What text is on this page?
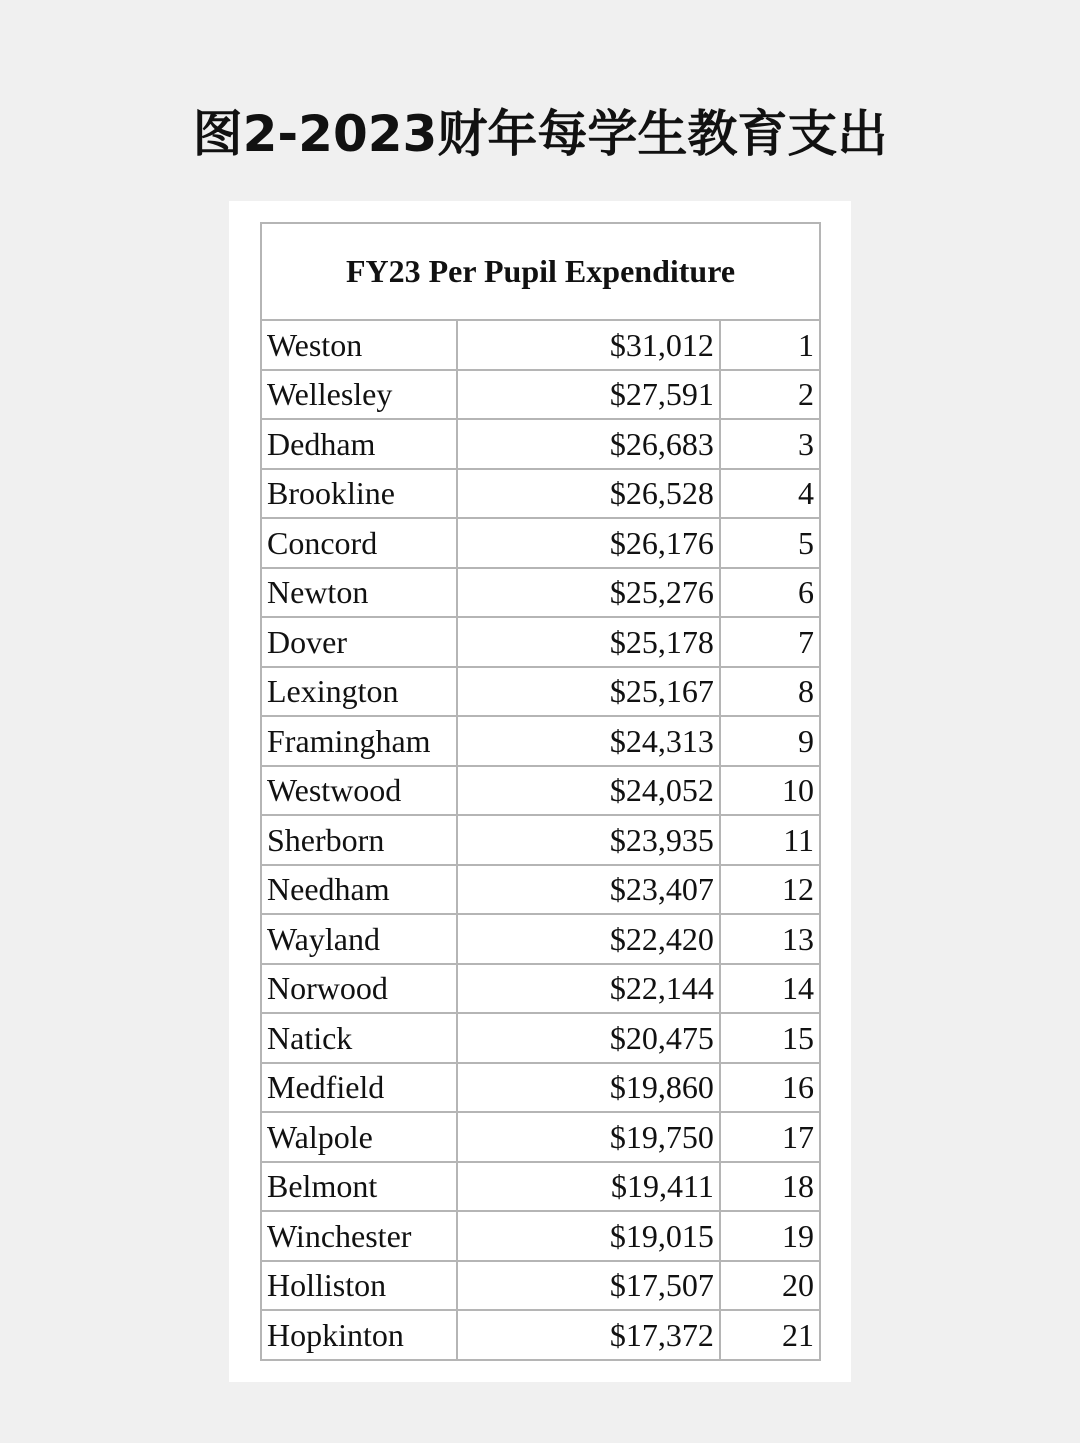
图2-2023财年每学生教育支出
FY23 Per Pupil Expenditure		
Weston	$31,012	1
Wellesley	$27,591	2
Dedham	$26,683	3
Brookline	$26,528	4
Concord	$26,176	5
Newton	$25,276	6
Dover	$25,178	7
Lexington	$25,167	8
Framingham	$24,313	9
Westwood	$24,052	10
Sherborn	$23,935	11
Needham	$23,407	12
Wayland	$22,420	13
Norwood	$22,144	14
Natick	$20,475	15
Medfield	$19,860	16
Walpole	$19,750	17
Belmont	$19,411	18
Winchester	$19,015	19
Holliston	$17,507	20
Hopkinton	$17,372	21
